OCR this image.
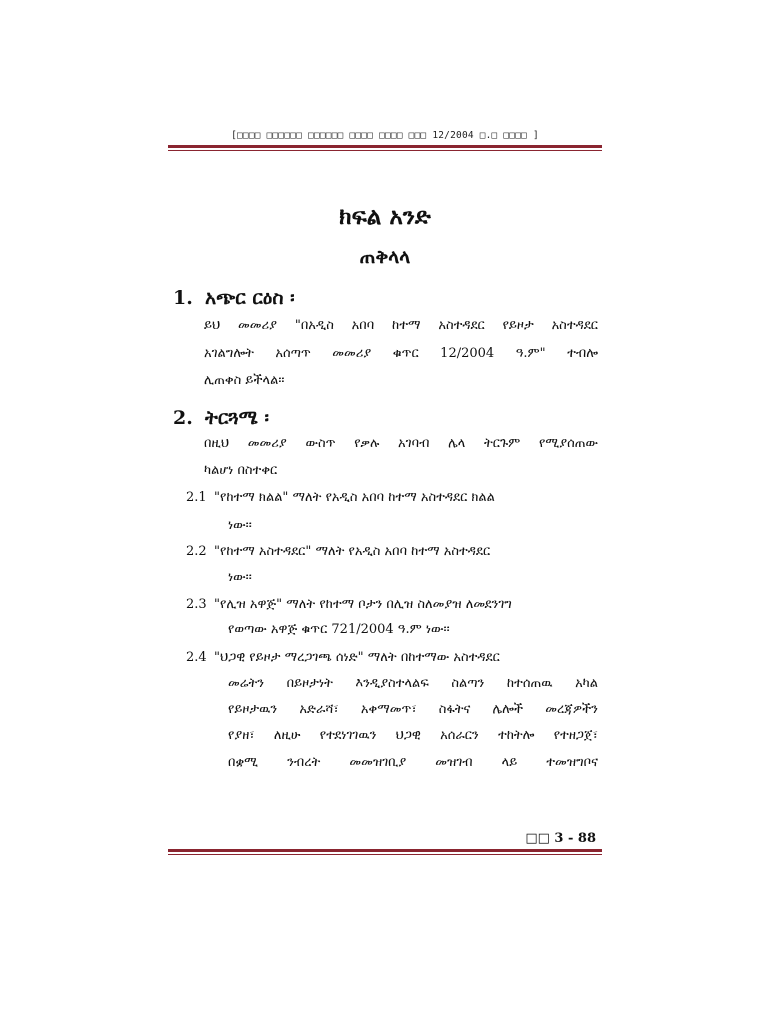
[□□□□ □□□□□□ □□□□□□ □□□□ □□□□ □□□ 12/2004 □.□ □□□□ ]
ክፍል አንድ
ጠቅላላ
1. አጭር ርዕስ ፡
ይህ መመሪያ "በአዲስ አበባ ከተማ አስተዳደር የይዞታ አስተዳደር
አገልግሎት አሰጣጥ መመሪያ ቁጥር 12/2004 ዓ.ም" ተብሎ
ሊጠቀስ ይችላል፡፡
2. ትርጓሜ ፡
በዚህ መመሪያ ውስጥ የቃሉ አገባብ ሌላ ትርጉም የሚያሰጠው
ካልሆነ በስተቀር
2.1 "የከተማ ክልል" ማለት የአዲስ አበባ ከተማ አስተዳደር ክልል
ነው፡፡
2.2 "የከተማ አስተዳደር" ማለት የአዲስ አበባ ከተማ አስተዳደር
ነው፡፡
2.3 "የሊዝ አዋጅ" ማለት የከተማ ቦታን በሊዝ ስለመያዝ ለመደንገግ
የወጣው አዋጅ ቁጥር 721/2004 ዓ.ም ነው፡፡
2.4 "ህጋዊ የይዞታ ማረጋገጫ ሰነድ" ማለት በከተማው አስተዳደር
መሬትን በይዞታነት እንዲያስተላልፍ ስልጣን ከተሰጠዉ አካል
የይዞታዉን አድራሻ፣ አቀማመጥ፣ ስፋትና ሌሎች መረጃዎችን
የያዘ፣ ለዚሁ የተደነገገዉን ህጋዊ አሰራርን ተከትሎ የተዘጋጀ፣
በቋሚ ንብረት መመዝገቢያ መዝገብ ላይ ተመዝግቦና
□□ 3 - 88
